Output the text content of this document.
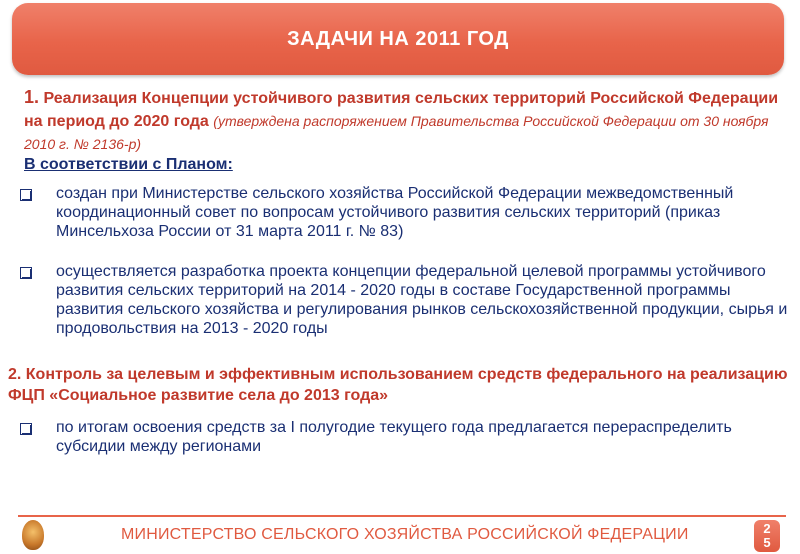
ЗАДАЧИ НА 2011 ГОД
1. Реализация Концепции устойчивого развития сельских территорий Российской Федерации на период до 2020 года (утверждена распоряжением Правительства Российской Федерации от 30 ноября 2010 г. № 2136-р)
В соответствии с Планом:
создан при Министерстве сельского хозяйства Российской Федерации межведомственный координационный совет по вопросам устойчивого развития сельских территорий (приказ Минсельхоза России от 31 марта 2011 г. № 83)
осуществляется разработка проекта концепции федеральной целевой программы устойчивого развития сельских территорий на 2014 - 2020 годы в составе Государственной программы развития сельского хозяйства и регулирования рынков сельскохозяйственной продукции, сырья и продовольствия на 2013 - 2020 годы
2. Контроль за целевым и эффективным использованием средств федерального на реализацию ФЦП «Социальное развитие села до 2013 года»
по итогам освоения средств за I полугодие текущего года предлагается перераспределить субсидии между регионами
МИНИСТЕРСТВО СЕЛЬСКОГО ХОЗЯЙСТВА РОССИЙСКОЙ ФЕДЕРАЦИИ	2
5
